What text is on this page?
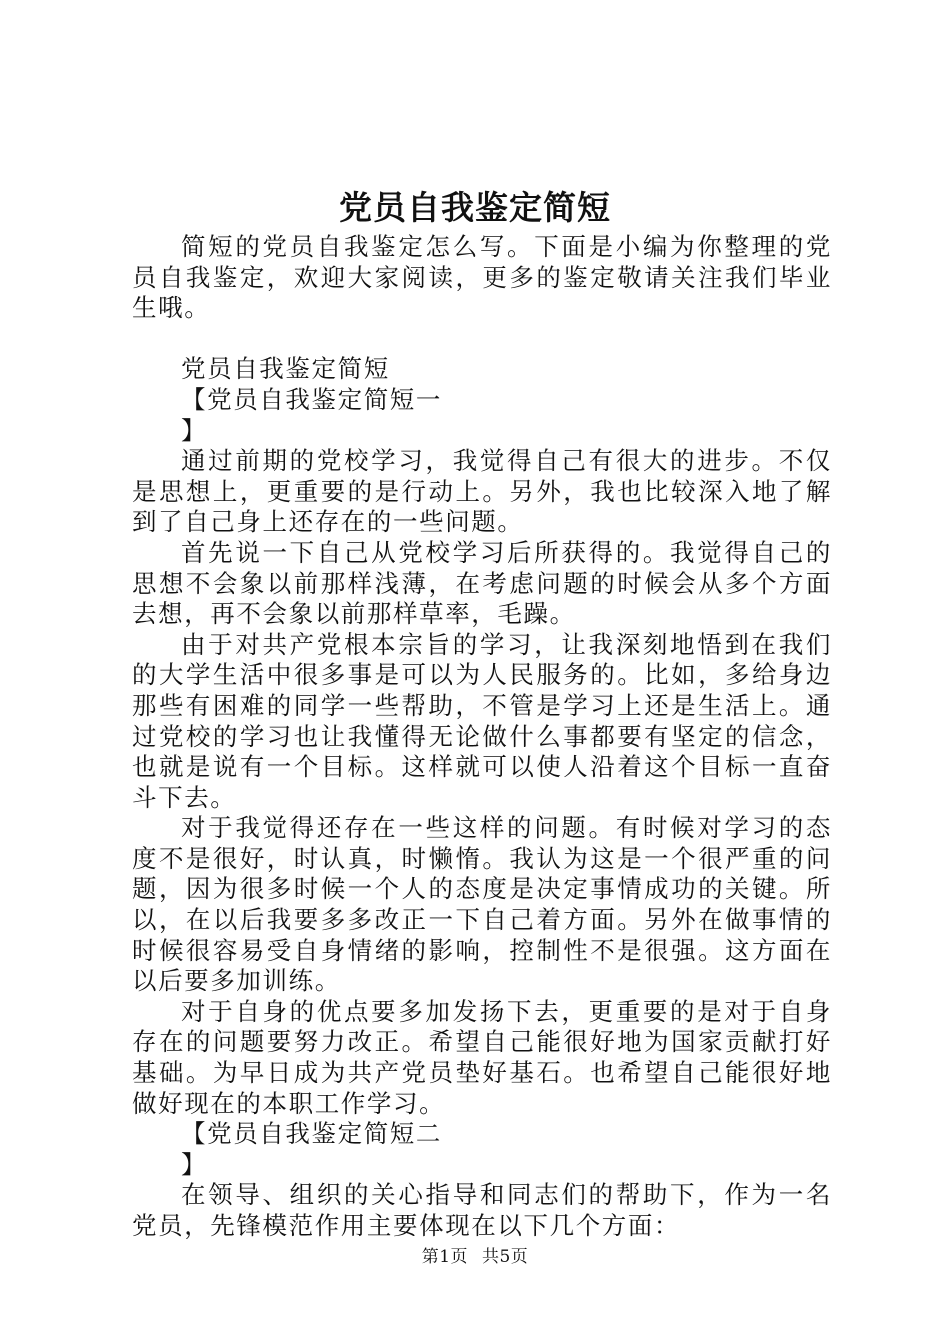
党员自我鉴定简短

简短的党员自我鉴定怎么写。下面是小编为你整理的党员自我鉴定，欢迎大家阅读，更多的鉴定敬请关注我们毕业生哦。

党员自我鉴定简短

【党员自我鉴定简短一

】

通过前期的党校学习，我觉得自己有很大的进步。不仅是思想上，更重要的是行动上。另外，我也比较深入地了解到了自己身上还存在的一些问题。

首先说一下自己从党校学习后所获得的。我觉得自己的思想不会象以前那样浅薄，在考虑问题的时候会从多个方面去想，再不会象以前那样草率，毛躁。

由于对共产党根本宗旨的学习，让我深刻地悟到在我们的大学生活中很多事是可以为人民服务的。比如，多给身边那些有困难的同学一些帮助，不管是学习上还是生活上。通过党校的学习也让我懂得无论做什么事都要有坚定的信念，也就是说有一个目标。这样就可以使人沿着这个目标一直奋斗下去。

对于我觉得还存在一些这样的问题。有时候对学习的态度不是很好，时认真，时懒惰。我认为这是一个很严重的问题，因为很多时候一个人的态度是决定事情成功的关键。所以，在以后我要多多改正一下自己着方面。另外在做事情的时候很容易受自身情绪的影响，控制性不是很强。这方面在以后要多加训练。

对于自身的优点要多加发扬下去，更重要的是对于自身存在的问题要努力改正。希望自己能很好地为国家贡献打好基础。为早日成为共产党员垫好基石。也希望自己能很好地做好现在的本职工作学习。

【党员自我鉴定简短二

】

在领导、组织的关心指导和同志们的帮助下，作为一名党员，先锋模范作用主要体现在以下几个方面：

第1页 共5页
